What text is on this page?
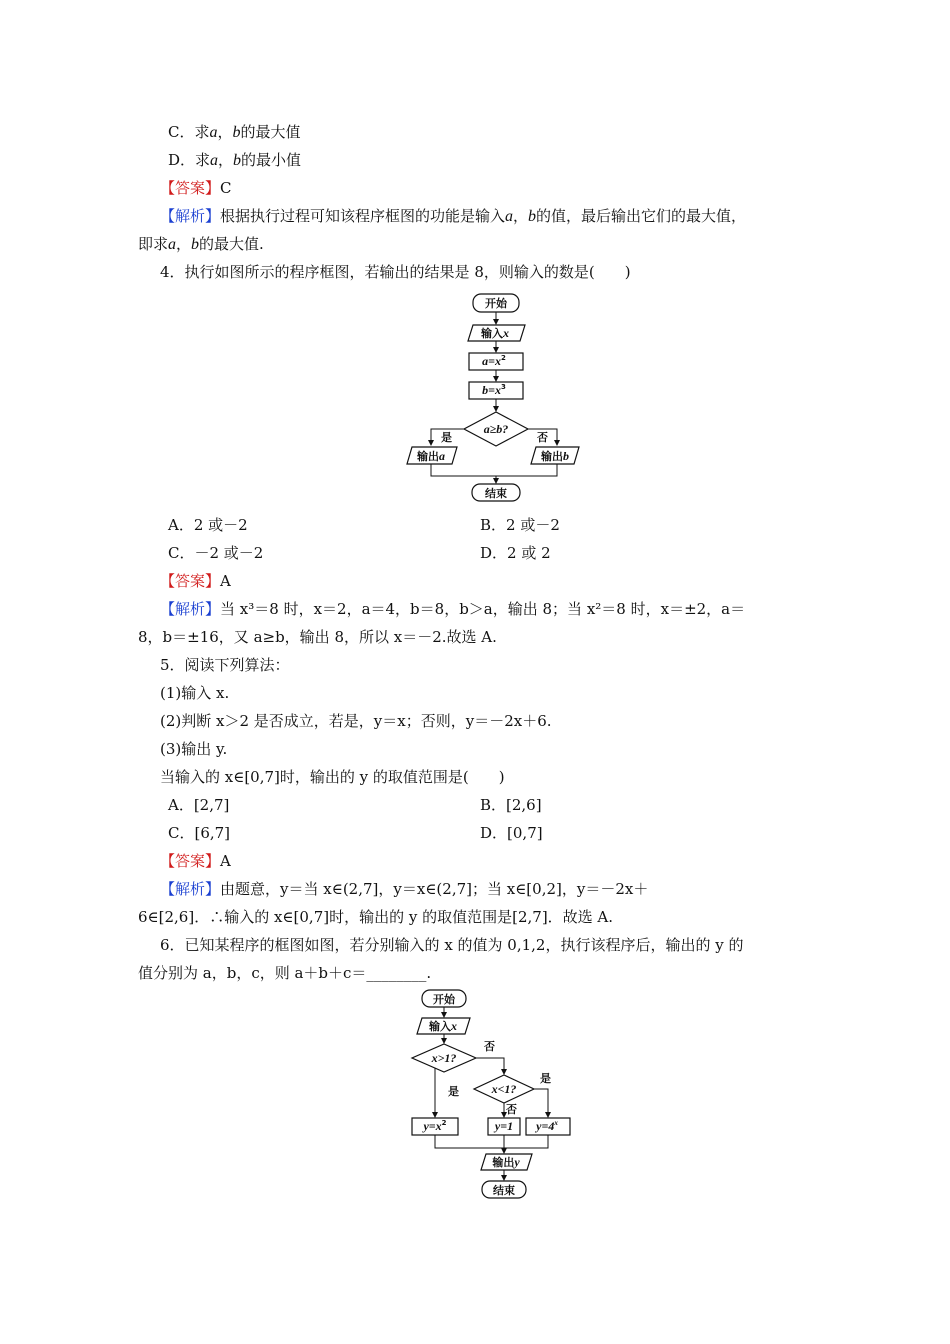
C．求a，b的最大值
D．求a，b的最小值
【答案】C
【解析】根据执行过程可知该程序框图的功能是输入a，b的值，最后输出它们的最大值，
即求a，b的最大值.
4．执行如图所示的程序框图，若输出的结果是 8，则输入的数是(　　)
开始
输入x
$a=x^2$
$b=x^3$
a≥b?
是	否
输出a	输出b
结束
A．2 或－2	B．2 或－2
C．－2 或－2	D．2 或 2
【答案】A
【解析】当 x³＝8 时，x＝2，a＝4，b＝8，b＞a，输出 8；当 x²＝8 时，x＝±2，a＝
8，b＝±16，又 a≥b，输出 8，所以 x＝－2.故选 A.
5．阅读下列算法：
(1)输入 x.
(2)判断 x＞2 是否成立，若是，y＝x；否则，y＝－2x＋6.
(3)输出 y.
当输入的 x∈[0,7]时，输出的 y 的取值范围是(　　)
A．[2,7]	B．[2,6]
C．[6,7]	D．[0,7]
【答案】A
【解析】由题意，y＝当 x∈(2,7]，y＝x∈(2,7]；当 x∈[0,2]，y＝－2x＋
6∈[2,6]．∴输入的 x∈[0,7]时，输出的 y 的取值范围是[2,7]．故选 A.
6．已知某程序的框图如图，若分别输入的 x 的值为 0,1,2，执行该程序后，输出的 y 的
值分别为 a，b，c，则 a＋b＋c＝________.
开始
输入x
x>1?
否
是	x<1?
是
否
$y=x^2$	y=1 $y=4^x$
输出y
结束
